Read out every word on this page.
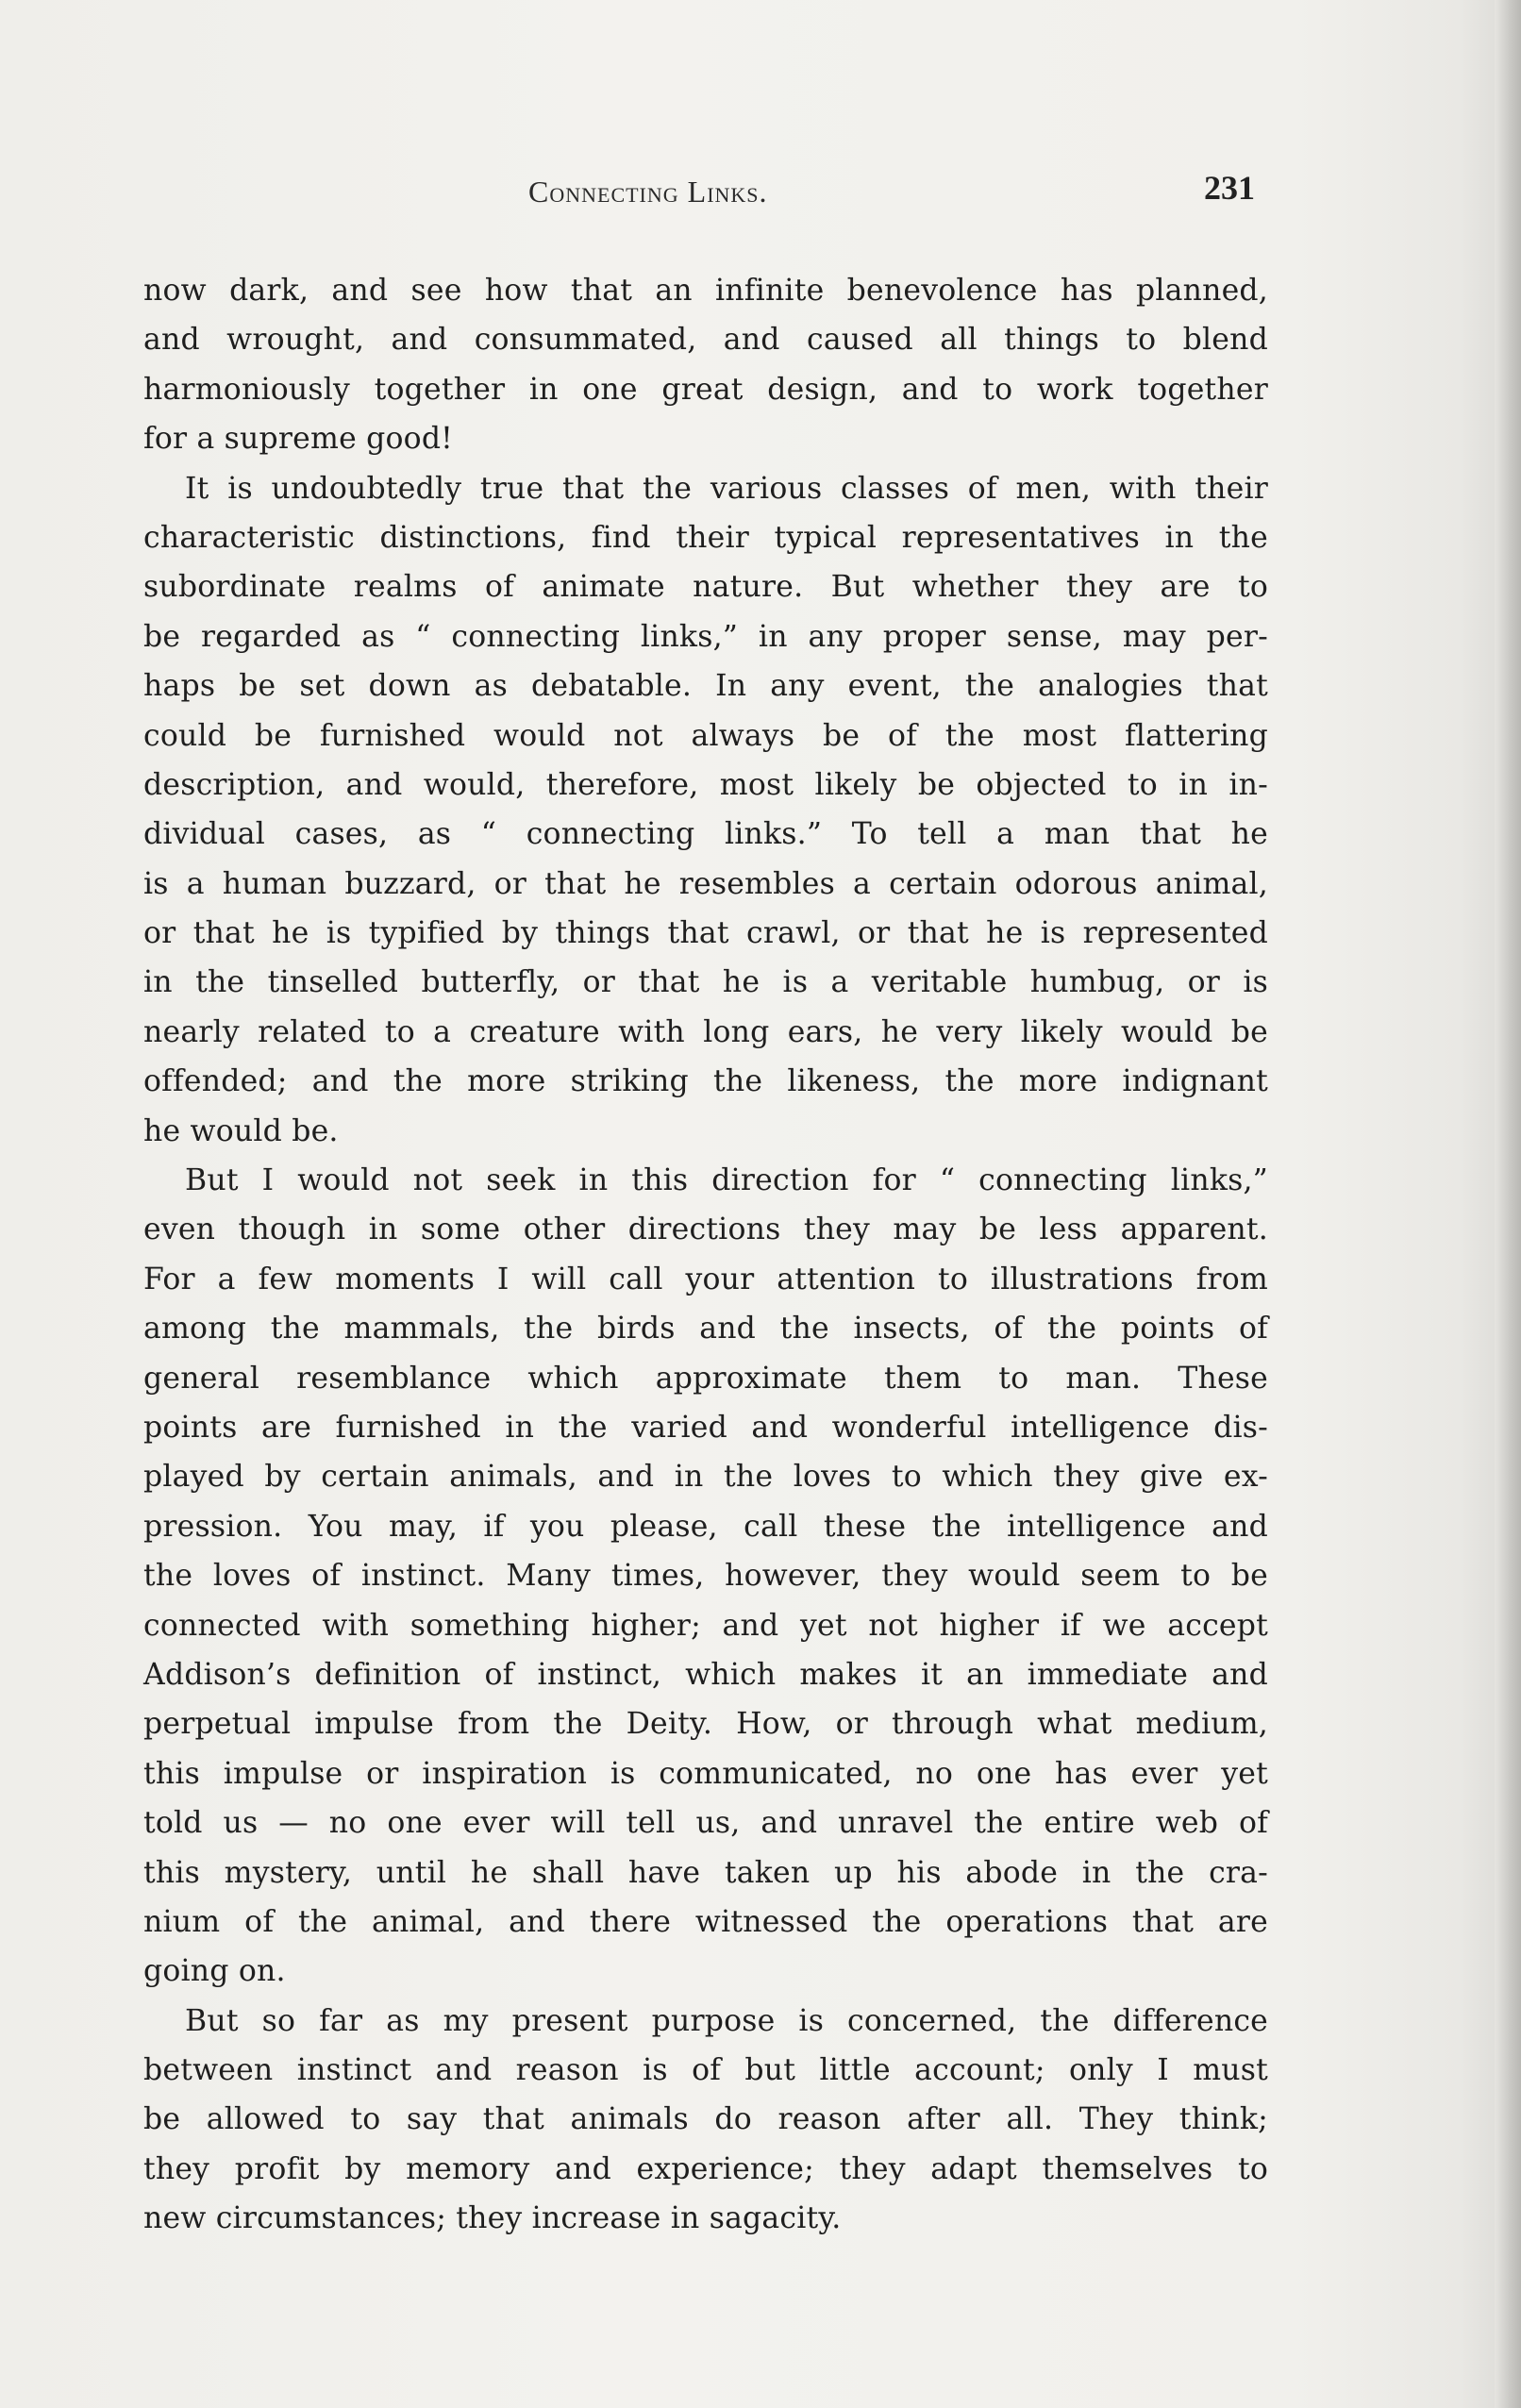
Connecting Links.	231
now dark, and see how that an infinite benevolence has planned,
and wrought, and consummated, and caused all things to blend
harmoniously together in one great design, and to work together
for a supreme good!
It is undoubtedly true that the various classes of men, with their
characteristic distinctions, find their typical representatives in the
subordinate realms of animate nature. But whether they are to
be regarded as “ connecting links,” in any proper sense, may per-
haps be set down as debatable. In any event, the analogies that
could be furnished would not always be of the most flattering
description, and would, therefore, most likely be objected to in in-
dividual cases, as “ connecting links.” To tell a man that he
is a human buzzard, or that he resembles a certain odorous animal,
or that he is typified by things that crawl, or that he is represented
in the tinselled butterfly, or that he is a veritable humbug, or is
nearly related to a creature with long ears, he very likely would be
offended; and the more striking the likeness, the more indignant
he would be.
But I would not seek in this direction for “ connecting links,”
even though in some other directions they may be less apparent.
For a few moments I will call your attention to illustrations from
among the mammals, the birds and the insects, of the points of
general resemblance which approximate them to man. These
points are furnished in the varied and wonderful intelligence dis-
played by certain animals, and in the loves to which they give ex-
pression. You may, if you please, call these the intelligence and
the loves of instinct. Many times, however, they would seem to be
connected with something higher; and yet not higher if we accept
Addison’s definition of instinct, which makes it an immediate and
perpetual impulse from the Deity. How, or through what medium,
this impulse or inspiration is communicated, no one has ever yet
told us — no one ever will tell us, and unravel the entire web of
this mystery, until he shall have taken up his abode in the cra-
nium of the animal, and there witnessed the operations that are
going on.
But so far as my present purpose is concerned, the difference
between instinct and reason is of but little account; only I must
be allowed to say that animals do reason after all. They think;
they profit by memory and experience; they adapt themselves to
new circumstances; they increase in sagacity.
